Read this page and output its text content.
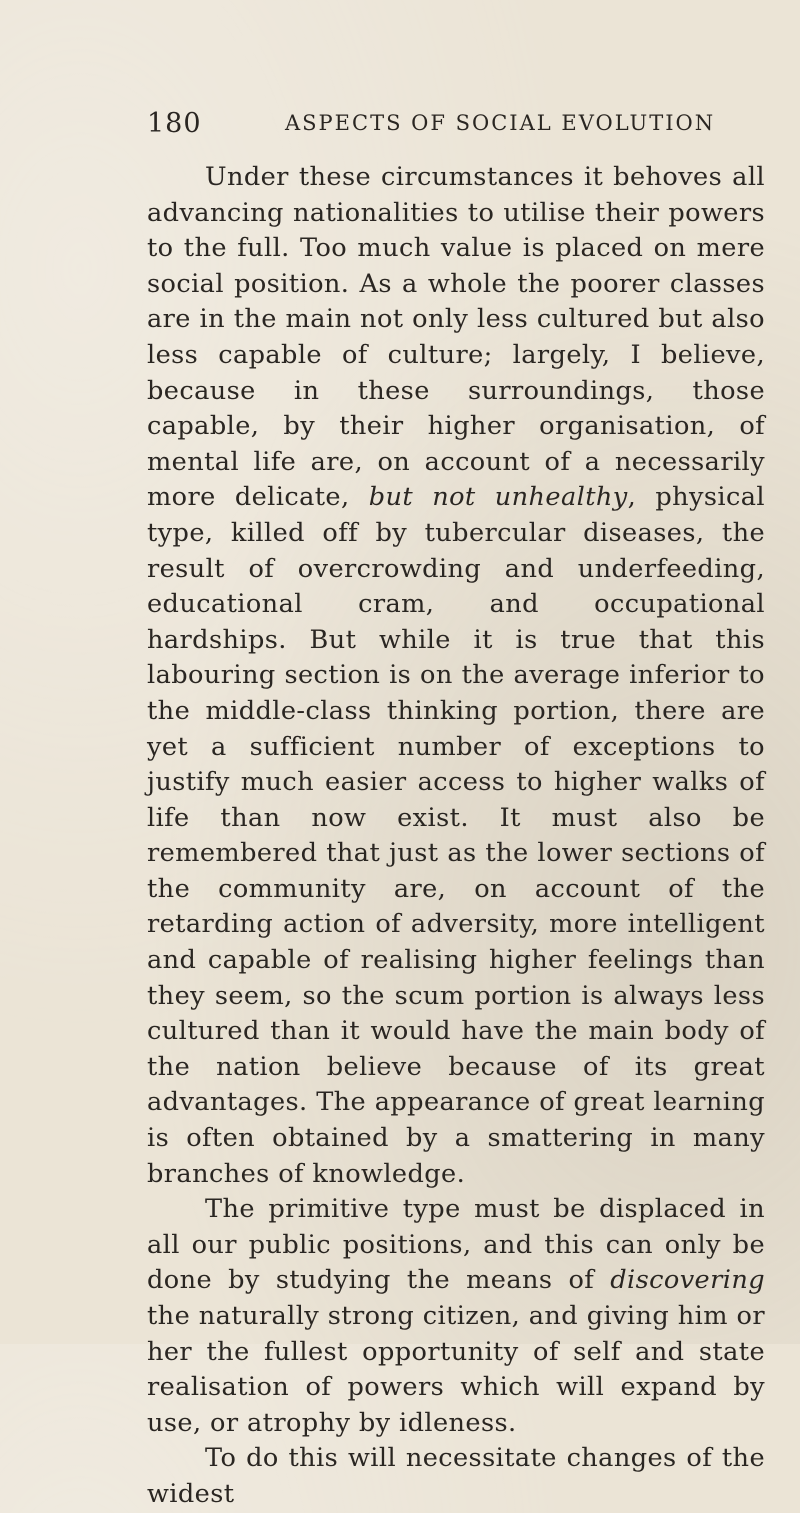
180	ASPECTS OF SOCIAL EVOLUTION

Under these circumstances it behoves all advancing nationalities to utilise their powers to the full. Too much value is placed on mere social position. As a whole the poorer classes are in the main not only less cultured but also less capable of culture; largely, I believe, because in these surroundings, those capable, by their higher organisation, of mental life are, on account of a necessarily more delicate, but not unhealthy, physical type, killed off by tubercular diseases, the result of overcrowding and underfeeding, educational cram, and occupational hardships. But while it is true that this labouring section is on the average inferior to the middle-class thinking portion, there are yet a sufficient number of exceptions to justify much easier access to higher walks of life than now exist. It must also be remembered that just as the lower sections of the community are, on account of the retarding action of adversity, more intelligent and capable of realising higher feelings than they seem, so the scum portion is always less cultured than it would have the main body of the nation believe because of its great advantages. The appearance of great learning is often obtained by a smattering in many branches of knowledge.

The primitive type must be displaced in all our public positions, and this can only be done by studying the means of discovering the naturally strong citizen, and giving him or her the fullest opportunity of self and state realisation of powers which will expand by use, or atrophy by idleness.

To do this will necessitate changes of the widest
